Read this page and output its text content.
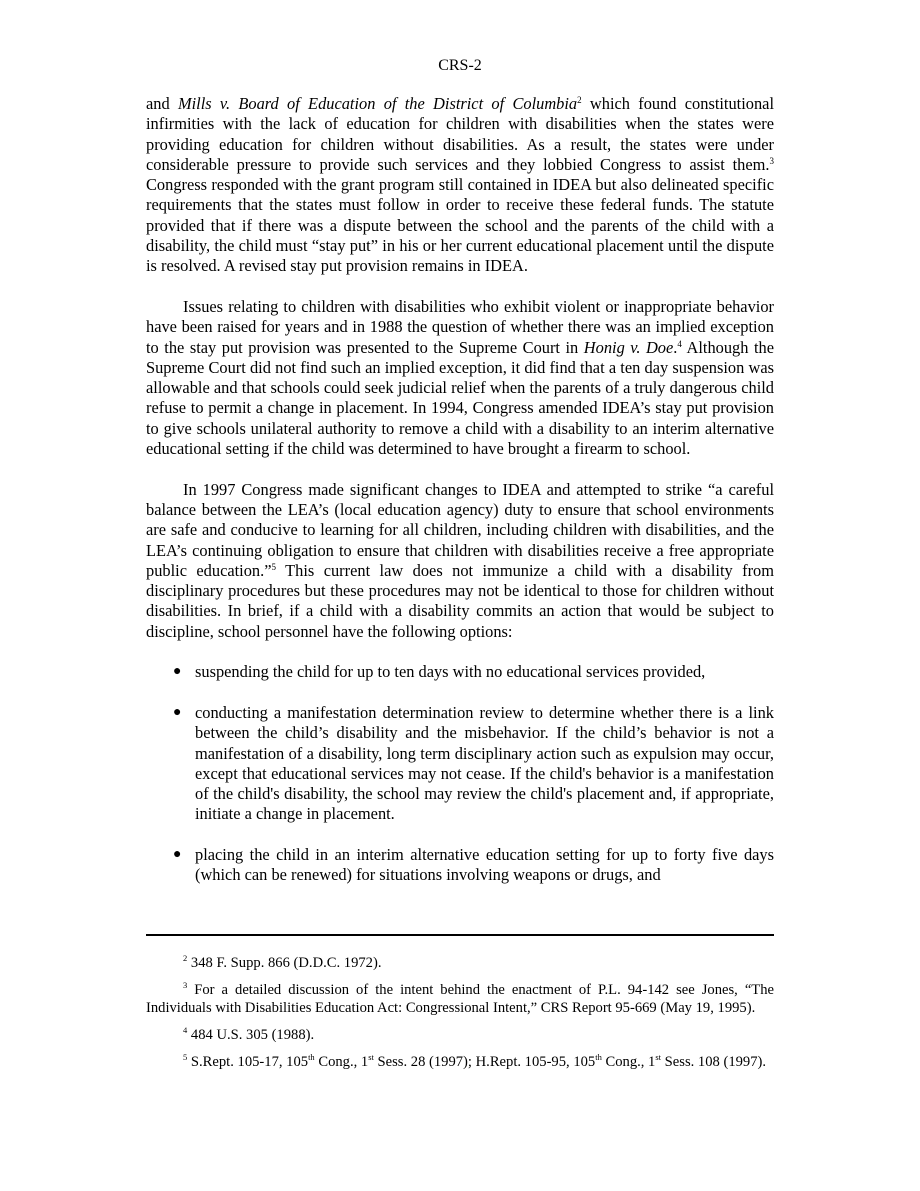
CRS-2

and Mills v. Board of Education of the District of Columbia$^2$ which found constitutional infirmities with the lack of education for children with disabilities when the states were providing education for children without disabilities. As a result, the states were under considerable pressure to provide such services and they lobbied Congress to assist them.$^3$ Congress responded with the grant program still contained in IDEA but also delineated specific requirements that the states must follow in order to receive these federal funds. The statute provided that if there was a dispute between the school and the parents of the child with a disability, the child must “stay put” in his or her current educational placement until the dispute is resolved. A revised stay put provision remains in IDEA.

Issues relating to children with disabilities who exhibit violent or inappropriate behavior have been raised for years and in 1988 the question of whether there was an implied exception to the stay put provision was presented to the Supreme Court in Honig v. Doe.$^4$ Although the Supreme Court did not find such an implied exception, it did find that a ten day suspension was allowable and that schools could seek judicial relief when the parents of a truly dangerous child refuse to permit a change in placement. In 1994, Congress amended IDEA’s stay put provision to give schools unilateral authority to remove a child with a disability to an interim alternative educational setting if the child was determined to have brought a firearm to school.

In 1997 Congress made significant changes to IDEA and attempted to strike “a careful balance between the LEA’s (local education agency) duty to ensure that school environments are safe and conducive to learning for all children, including children with disabilities, and the LEA’s continuing obligation to ensure that children with disabilities receive a free appropriate public education.”$^5$ This current law does not immunize a child with a disability from disciplinary procedures but these procedures may not be identical to those for children without disabilities. In brief, if a child with a disability commits an action that would be subject to discipline, school personnel have the following options:

● suspending the child for up to ten days with no educational services provided,
● conducting a manifestation determination review to determine whether there is a link between the child’s disability and the misbehavior. If the child’s behavior is not a manifestation of a disability, long term disciplinary action such as expulsion may occur, except that educational services may not cease. If the child's behavior is a manifestation of the child's disability, the school may review the child's placement and, if appropriate, initiate a change in placement.
● placing the child in an interim alternative education setting for up to forty five days (which can be renewed) for situations involving weapons or drugs, and

$^2$ 348 F. Supp. 866 (D.D.C. 1972).

$^3$ For a detailed discussion of the intent behind the enactment of P.L. 94-142 see Jones, “The Individuals with Disabilities Education Act: Congressional Intent,” CRS Report 95-669 (May 19, 1995).

$^4$ 484 U.S. 305 (1988).

$^5$ S.Rept. 105-17, 105th Cong., 1st Sess. 28 (1997); H.Rept. 105-95, 105th Cong., 1st Sess. 108 (1997).
